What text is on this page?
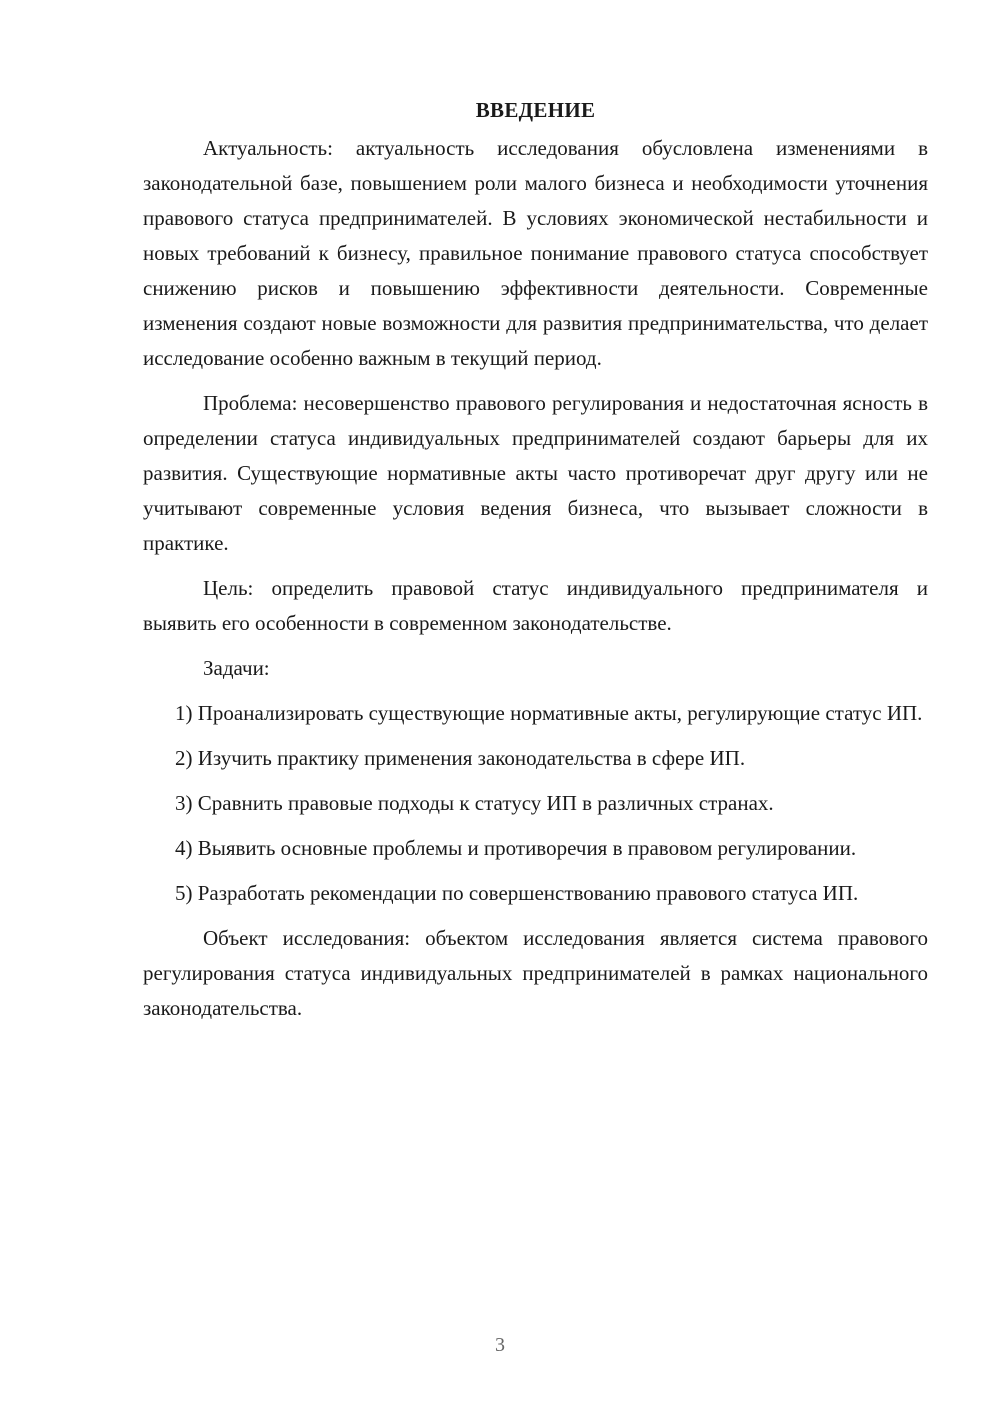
ВВЕДЕНИЕ

Актуальность: актуальность исследования обусловлена изменениями в законодательной базе, повышением роли малого бизнеса и необходимости уточнения правового статуса предпринимателей. В условиях экономической нестабильности и новых требований к бизнесу, правильное понимание правового статуса способствует снижению рисков и повышению эффективности деятельности. Современные изменения создают новые возможности для развития предпринимательства, что делает исследование особенно важным в текущий период.

Проблема: несовершенство правового регулирования и недостаточная ясность в определении статуса индивидуальных предпринимателей создают барьеры для их развития. Существующие нормативные акты часто противоречат друг другу или не учитывают современные условия ведения бизнеса, что вызывает сложности в практике.

Цель: определить правовой статус индивидуального предпринимателя и выявить его особенности в современном законодательстве.

Задачи:

1) Проанализировать существующие нормативные акты, регулирующие статус ИП.

2) Изучить практику применения законодательства в сфере ИП.

3) Сравнить правовые подходы к статусу ИП в различных странах.

4) Выявить основные проблемы и противоречия в правовом регулировании.

5) Разработать рекомендации по совершенствованию правового статуса ИП.

Объект исследования: объектом исследования является система правового регулирования статуса индивидуальных предпринимателей в рамках национального законодательства.

3
